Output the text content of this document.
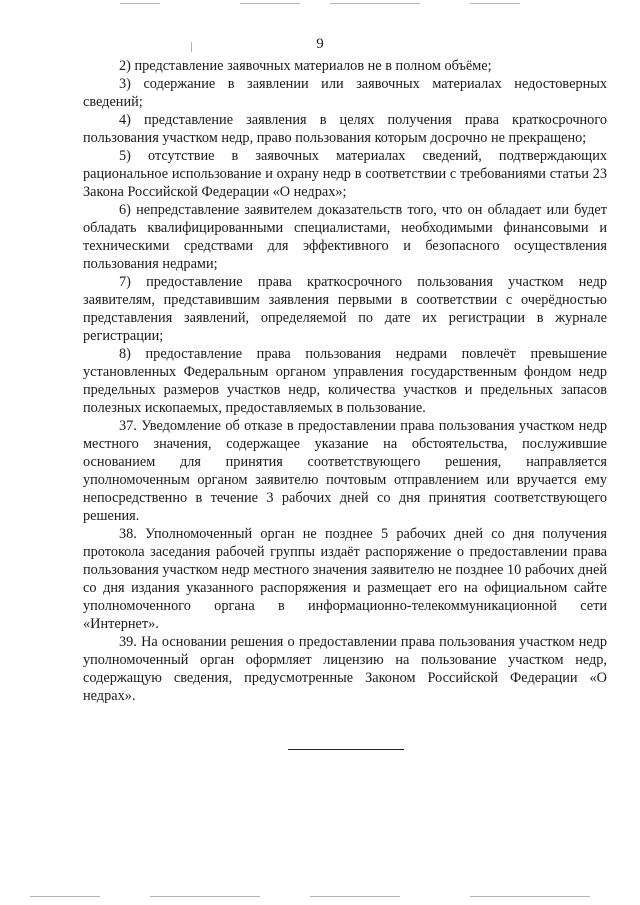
9

2) представление заявочных материалов не в полном объёме;

3) содержание в заявлении или заявочных материалах недостоверных сведений;

4) представление заявления в целях получения права краткосрочного пользования участком недр, право пользования которым досрочно не прекращено;

5) отсутствие в заявочных материалах сведений, подтверждающих рациональное использование и охрану недр в соответствии с требованиями статьи 23 Закона Российской Федерации «О недрах»;

6) непредставление заявителем доказательств того, что он обладает или будет обладать квалифицированными специалистами, необходимыми финансовыми и техническими средствами для эффективного и безопасного осуществления пользования недрами;

7) предоставление права краткосрочного пользования участком недр заявителям, представившим заявления первыми в соответствии с очерёдностью представления заявлений, определяемой по дате их регистрации в журнале регистрации;

8) предоставление права пользования недрами повлечёт превышение установленных Федеральным органом управления государственным фондом недр предельных размеров участков недр, количества участков и предельных запасов полезных ископаемых, предоставляемых в пользование.

37. Уведомление об отказе в предоставлении права пользования участком недр местного значения, содержащее указание на обстоятельства, послужившие основанием для принятия соответствующего решения, направляется уполномоченным органом заявителю почтовым отправлением или вручается ему непосредственно в течение 3 рабочих дней со дня принятия соответствующего решения.

38. Уполномоченный орган не позднее 5 рабочих дней со дня получения протокола заседания рабочей группы издаёт распоряжение о предоставлении права пользования участком недр местного значения заявителю не позднее 10 рабочих дней со дня издания указанного распоряжения и размещает его на официальном сайте уполномоченного органа в информационно-телекоммуникационной сети «Интернет».

39. На основании решения о предоставлении права пользования участком недр уполномоченный орган оформляет лицензию на пользование участком недр, содержащую сведения, предусмотренные Законом Российской Федерации «О недрах».
